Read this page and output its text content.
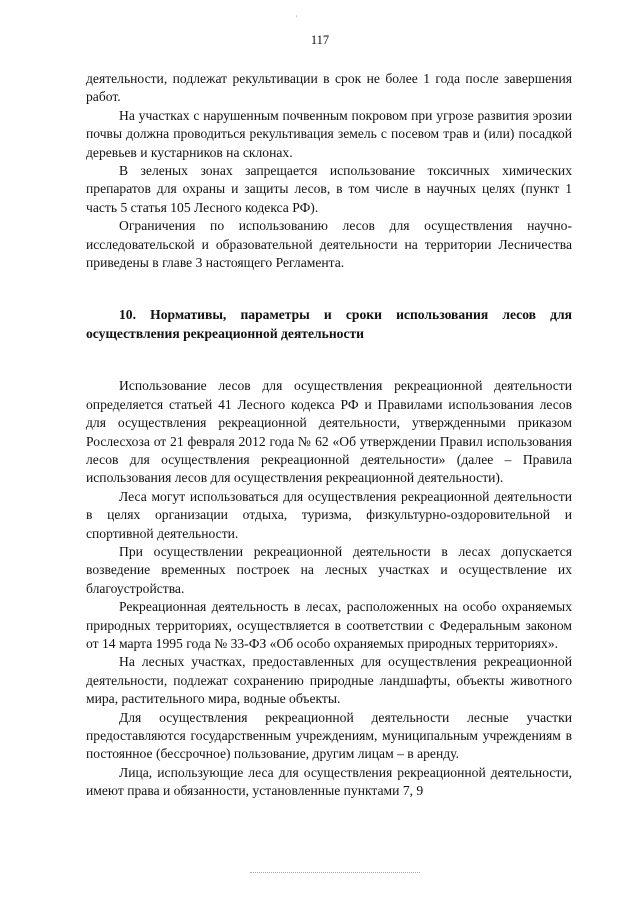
117
'

деятельности, подлежат рекультивации в срок не более 1 года после завершения работ.

На участках с нарушенным почвенным покровом при угрозе развития эрозии почвы должна проводиться рекультивация земель с посевом трав и (или) посадкой деревьев и кустарников на склонах.

В зеленых зонах запрещается использование токсичных химических препаратов для охраны и защиты лесов, в том числе в научных целях (пункт 1 часть 5 статья 105 Лесного кодекса РФ).

Ограничения по использованию лесов для осуществления научно-исследовательской и образовательной деятельности на территории Лесничества приведены в главе 3 настоящего Регламента.

10. Нормативы, параметры и сроки использования лесов для осуществления рекреационной деятельности

Использование лесов для осуществления рекреационной деятельности определяется статьей 41 Лесного кодекса РФ и Правилами использования лесов для осуществления рекреационной деятельности, утвержденными приказом Рослесхоза от 21 февраля 2012 года № 62 «Об утверждении Правил использования лесов для осуществления рекреационной деятельности» (далее – Правила использования лесов для осуществления рекреационной деятельности).

Леса могут использоваться для осуществления рекреационной деятельности в целях организации отдыха, туризма, физкультурно-оздоровительной и спортивной деятельности.

При осуществлении рекреационной деятельности в лесах допускается возведение временных построек на лесных участках и осуществление их благоустройства.

Рекреационная деятельность в лесах, расположенных на особо охраняемых природных территориях, осуществляется в соответствии с Федеральным законом от 14 марта 1995 года № 33-ФЗ «Об особо охраняемых природных территориях».

На лесных участках, предоставленных для осуществления рекреационной деятельности, подлежат сохранению природные ландшафты, объекты животного мира, растительного мира, водные объекты.

Для осуществления рекреационной деятельности лесные участки предоставляются государственным учреждениям, муниципальным учреждениям в постоянное (бессрочное) пользование, другим лицам – в аренду.

Лица, использующие леса для осуществления рекреационной деятельности, имеют права и обязанности, установленные пунктами 7, 9
